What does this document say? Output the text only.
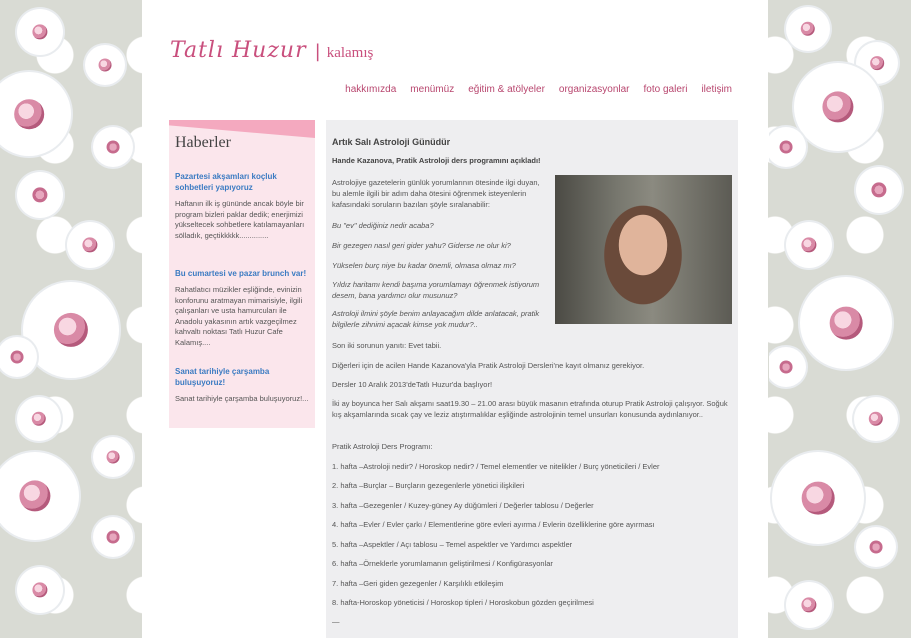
Tatlı Huzur | kalamış
hakkımızda menümüz eğitim & atölyeler organizasyonlar foto galeri iletişim
Haberler
Pazartesi akşamları koçluk sohbetleri yapıyoruz

Haftanın ilk iş gününde ancak böyle bir program bizleri paklar dedik; enerjimizi yükseltecek sohbetlere katılamayanları sölladık, geçtikkkkk..............

Bu cumartesi ve pazar brunch var!

Rahatlatıcı müzikler eşliğinde, evinizin konforunu aratmayan mimarisiyle, ilgili çalışanları ve usta hamurcuları ile Anadolu yakasının artık vazgeçilmez kahvaltı noktası Tatlı Huzur Cafe Kalamış....

Sanat tarihiyle çarşamba buluşuyoruz!

Sanat tarihiyle çarşamba buluşuyoruz!...

Artık Salı Astroloji Günüdür
Hande Kazanova, Pratik Astroloji ders programını açıkladı!
Astrolojiye gazetelerin günlük yorumlarının ötesinde ilgi duyan, bu alemle ilgili bir adım daha ötesini öğrenmek isteyenlerin kafasındaki soruların bazıları şöyle sıralanabilir:
Bu "ev" dediğiniz nedir acaba?
Bir gezegen nasıl geri gider yahu? Giderse ne olur ki?
Yükselen burç niye bu kadar önemli, olmasa olmaz mı?
Yıldız haritamı kendi başıma yorumlamayı öğrenmek istiyorum desem, bana yardımcı olur musunuz?
Astroloji ilmini şöyle benim anlayacağım dilde anlatacak, pratik bilgilerle zihnimi açacak kimse yok mudur?..
Son iki sorunun yanıtı: Evet tabii.
Diğerleri için de acilen Hande Kazanova'yla Pratik Astroloji Dersleri'ne kayıt olmanız gerekiyor.
Dersler 10 Aralık 2013'deTatlı Huzur'da başlıyor!
İki ay boyunca her Salı akşamı saat19.30 – 21.00 arası büyük masanın etrafında oturup Pratik Astroloji çalışıyor. Soğuk kış akşamlarında sıcak çay ve leziz atıştırmalıklar eşliğinde astrolojinin temel unsurları konusunda aydınlanıyor..
Pratik Astroloji Ders Programı:
1. hafta –Astroloji nedir? / Horoskop nedir? / Temel elementler ve nitelikler / Burç yöneticileri / Evler
2. hafta –Burçlar – Burçların gezegenlerle yönetici ilişkileri
3. hafta –Gezegenler / Kuzey-güney Ay düğümleri / Değerler tablosu / Değerler
4. hafta –Evler / Evler çarkı / Elementlerine göre evleri ayırma / Evlerin özelliklerine göre ayırması
5. hafta –Aspektler / Açı tablosu – Temel aspektler ve Yardımcı aspektler
6. hafta –Örneklerle yorumlamanın geliştirilmesi / Konfigürasyonlar
7. hafta –Geri giden gezegenler / Karşılıklı etkileşim
8. hafta-Horoskop yöneticisi / Horoskop tipleri / Horoskobun gözden geçirilmesi
—
